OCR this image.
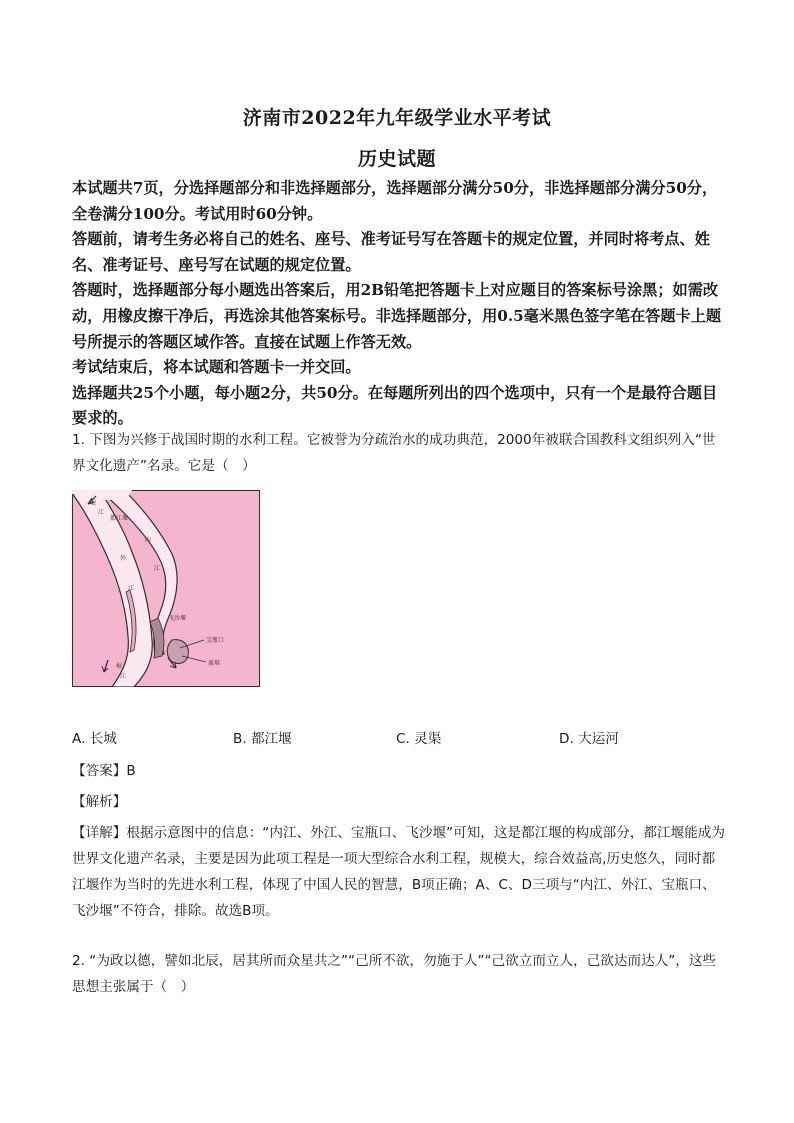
济南市2022年九年级学业水平考试
历史试题

本试题共7页，分选择题部分和非选择题部分，选择题部分满分50分，非选择题部分满分50分，全卷满分100分。考试用时60分钟。

答题前，请考生务必将自己的姓名、座号、准考证号写在答题卡的规定位置，并同时将考点、姓名、准考证号、座号写在试题的规定位置。

答题时，选择题部分每小题选出答案后，用2B铅笔把答题卡上对应题目的答案标号涂黑；如需改动，用橡皮擦干净后，再选涂其他答案标号。非选择题部分，用0.5毫米黑色签字笔在答题卡上题号所提示的答题区域作答。直接在试题上作答无效。

考试结束后，将本试题和答题卡一并交回。

选择题共25个小题，每小题2分，共50分。在每题所列出的四个选项中，只有一个是最符合题目要求的。

1. 下图为兴修于战国时期的水利工程。它被誉为分疏治水的成功典范，2000年被联合国教科文组织列入“世界文化遗产”名录。它是（　）

岷
江
都江堰
内
外
江
江
飞沙堰
宝瓶口
离堆
岷
江
A. 长城	B. 都江堰	C. 灵渠	D. 大运河

【答案】B

【解析】

【详解】根据示意图中的信息：“内江、外江、宝瓶口、飞沙堰”可知，这是都江堰的构成部分，都江堰能成为世界文化遗产名录，主要是因为此项工程是一项大型综合水利工程，规模大，综合效益高,历史悠久，同时都江堰作为当时的先进水利工程，体现了中国人民的智慧，B项正确；A、C、D三项与“内江、外江、宝瓶口、飞沙堰”不符合，排除。故选B项。

2. “为政以德，譬如北辰，居其所而众星共之”“己所不欲，勿施于人”“己欲立而立人，己欲达而达人”，这些思想主张属于（　）
